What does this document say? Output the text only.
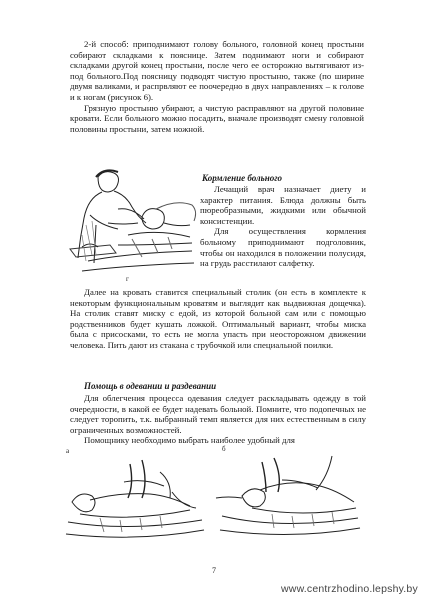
2-й способ: приподнимают голову больного, головной конец простыни собирают складками к пояснице. Затем поднимают ноги и собирают складками другой конец простыни, после чего ее осторожно вытягивают из-под больного.Под поясницу подводят чистую простыню, также (по ширине двумя валиками, и распрвляют ее поочередно в двух направлениях – к голове и к ногам (рисунок 6).

Грязную простыню убирают, а чистую расправляют на другой половине кровати. Если больного можно посадить, вначале производят смену головной половины простыни, затем ножной.

г
Кормление больного

Лечащий врач назначает диету и характер питания. Блюда должны быть пюреобразными, жидкими или обычной консистенции.

Для осуществления кормления больному приподнимают подголовник, чтобы он находился в положении полусидя, на грудь расстилают салфетку.

Далее на кровать ставится специальный столик (он есть в комплекте к некоторым функциональным кроватям и выглядит как выдвижная дощечка). На столик ставят миску с едой, из которой больной сам или с помощью родственников будет кушать ложкой. Оптимальный вариант, чтобы миска была с присосками, то есть не могла упасть при неосторожном движении человека. Пить дают из стакана с трубочкой или специальной поилки.

Помощь в одевании и раздевании

Для облегчения процесса одевания следует раскладывать одежду в той очередности, в какой ее будет надевать больной. Помните, что подопечных не следует торопить, т.к. выбранный темп является для них естественным в силу ограниченных возможностей.

Помощнику необходимо выбрать наиболее удобный для

а	б
7
www.centrzhodino.lepshy.by
